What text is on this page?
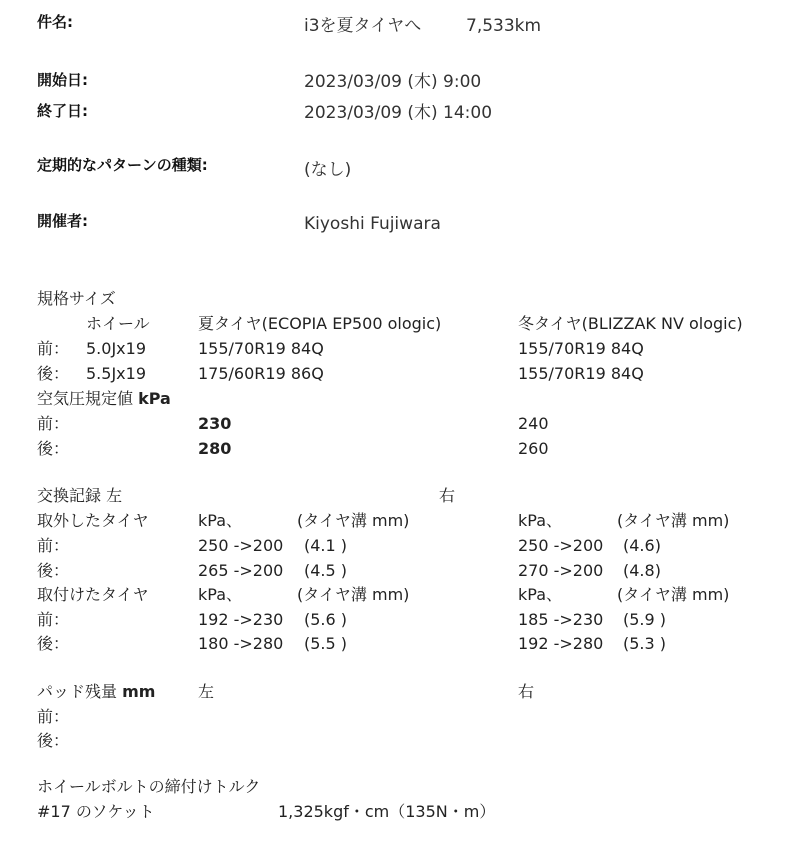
件名:	i3を夏タイヤへ	7,533km
開始日:	2023/03/09 (木) 9:00
終了日:	2023/03/09 (木) 14:00
定期的なパターンの種類:	(なし)
開催者:	Kiyoshi Fujiwara
規格サイズ
ホイール	夏タイヤ(ECOPIA EP500 ologic)	冬タイヤ(BLIZZAK NV ologic)
前： 5.0Jx19	155/70R19 84Q	155/70R19 84Q
後： 5.5Jx19	175/60R19 86Q	155/70R19 84Q
空気圧規定値 kPa
前：	230	240
後：	280	260
交換記録 左	右
取外したタイヤ	kPa、	(タイヤ溝 mm)	kPa、	(タイヤ溝 mm)
前：	250 ->200 (4.1 )	250 ->200 (4.6)
後：	265 ->200 (4.5 )	270 ->200 (4.8)
取付けたタイヤ	kPa、	(タイヤ溝 mm)	kPa、	(タイヤ溝 mm)
前：	192 ->230 (5.6 )	185 ->230 (5.9 )
後：	180 ->280 (5.5 )	192 ->280 (5.3 )
パッド残量 mm	左	右
前：
後：
ホイールボルトの締付けトルク
#17 のソケット	1,325kgf・cm（135N・m）
